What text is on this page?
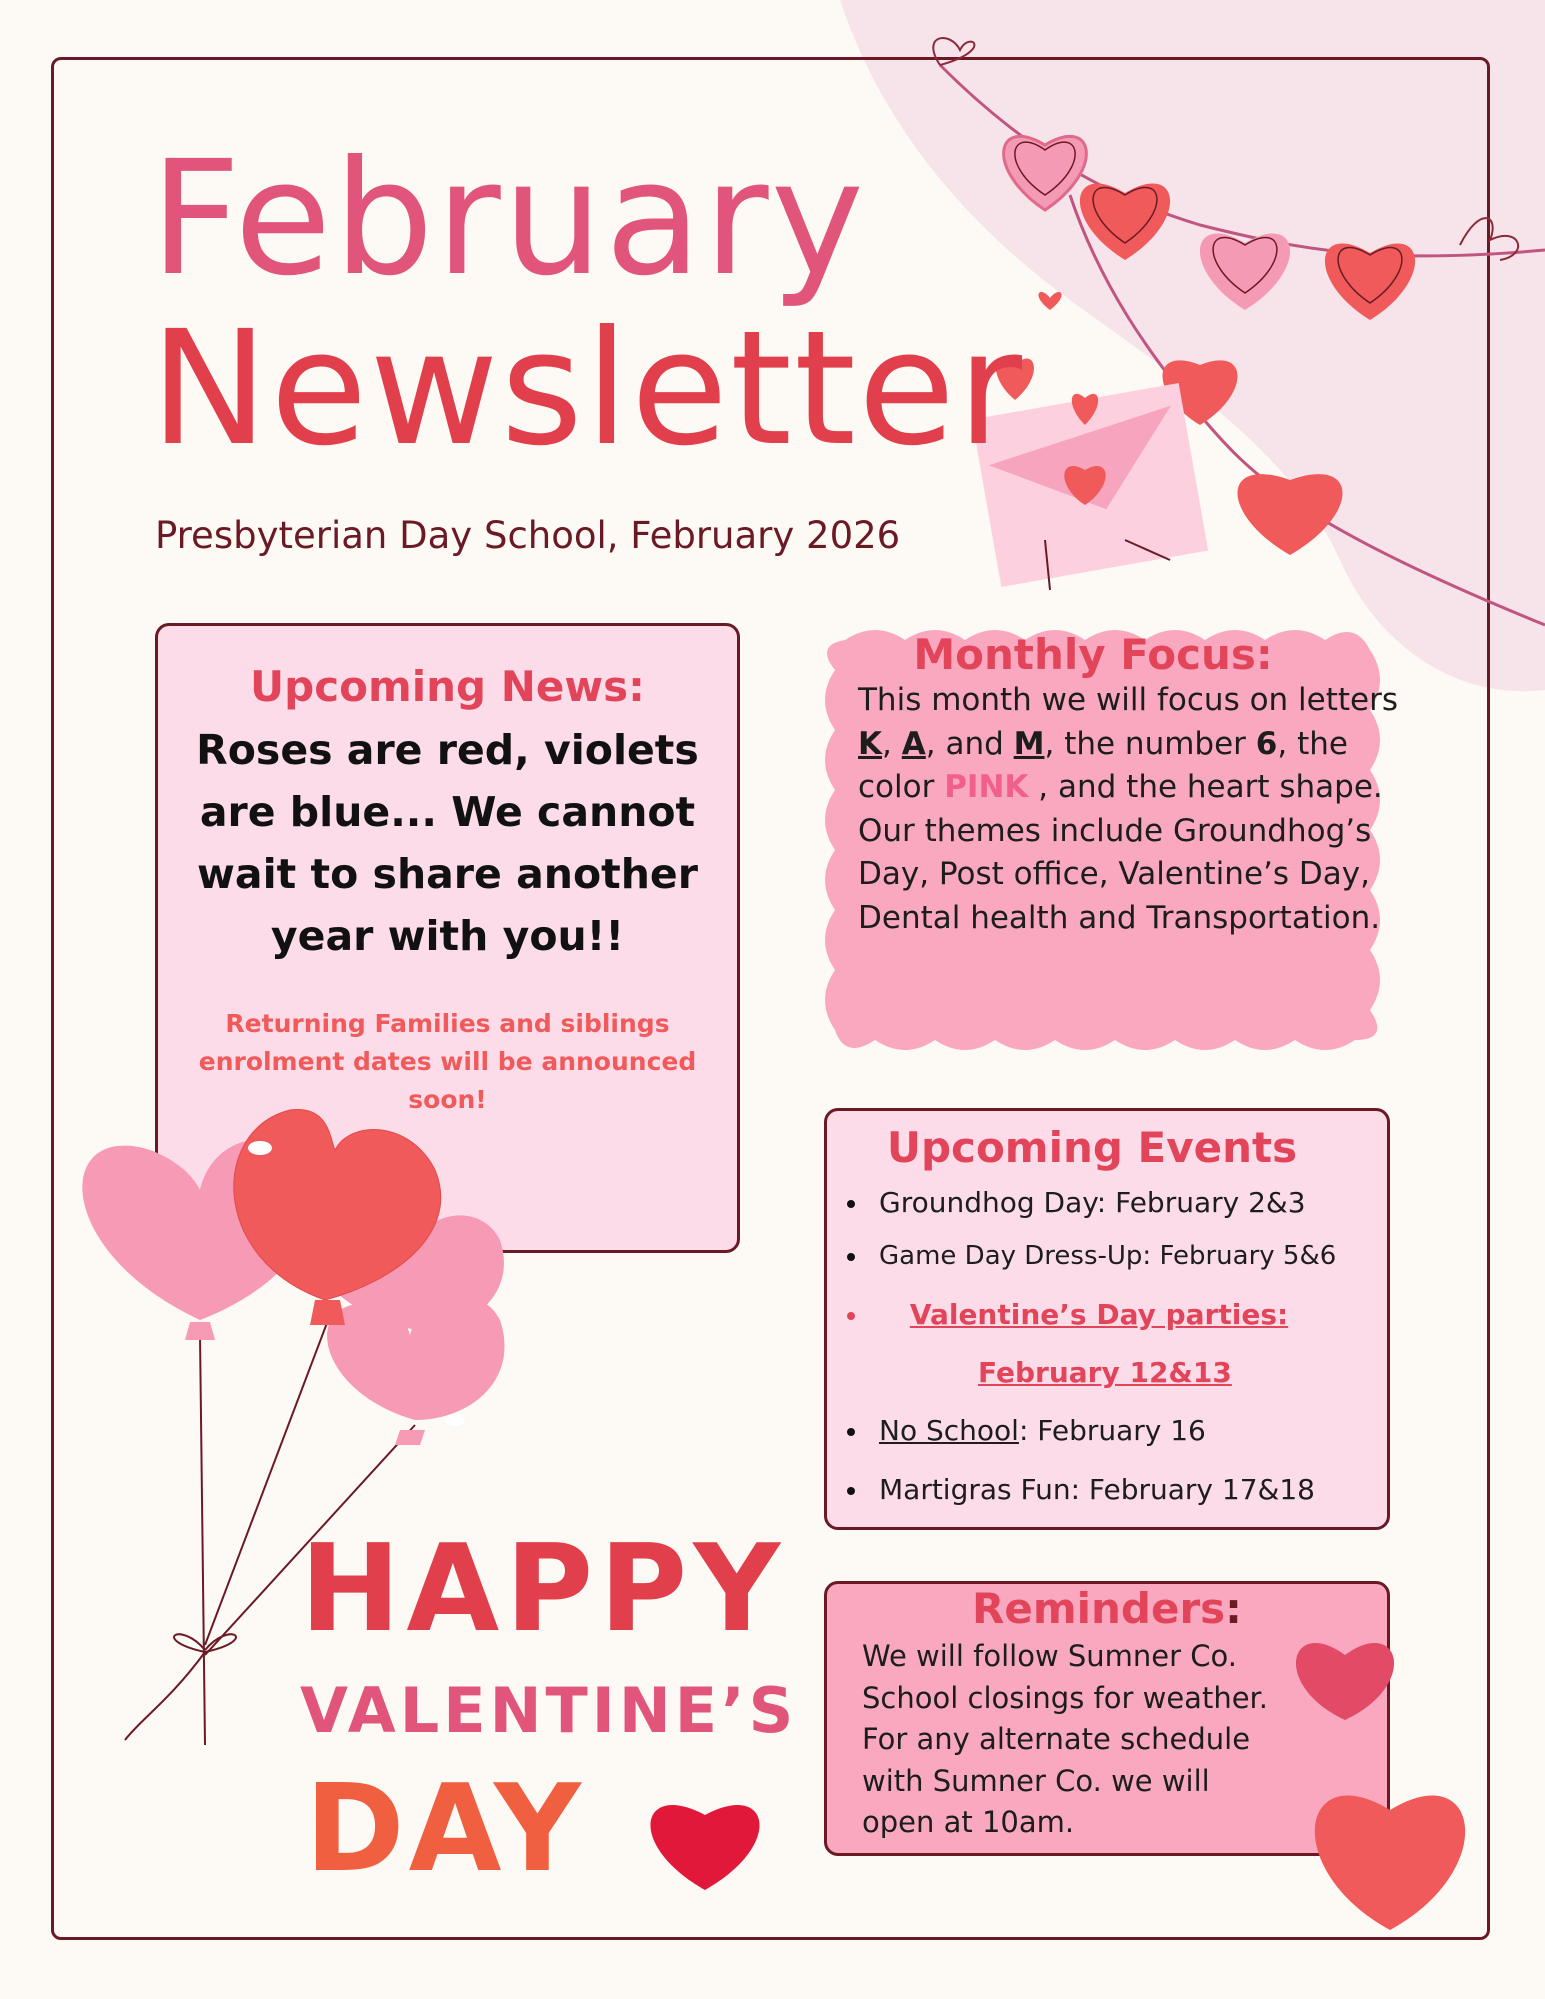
February
Newsletter

Presbyterian Day School, February 2026

Upcoming News:
Roses are red, violets are blue... We cannot wait to share another year with you!!
Returning Families and siblings enrolment dates will be announced soon!
Monthly Focus:

This month we will focus on letters
K, A, and M, the number 6, the color PINK , and the heart shape. Our themes include Groundhog’s Day, Post office, Valentine’s Day, Dental health and Transportation.

Upcoming Events
Groundhog Day: February 2&3
Game Day Dress-Up: February 5&6
Valentine’s Day parties:
February 12&13
No School: February 16
Martigras Fun: February 17&18
Reminders:

We will follow Sumner Co. School closings for weather. For any alternate schedule with Sumner Co. we will open at 10am.

HAPPY
VALENTINE’S
DAY
